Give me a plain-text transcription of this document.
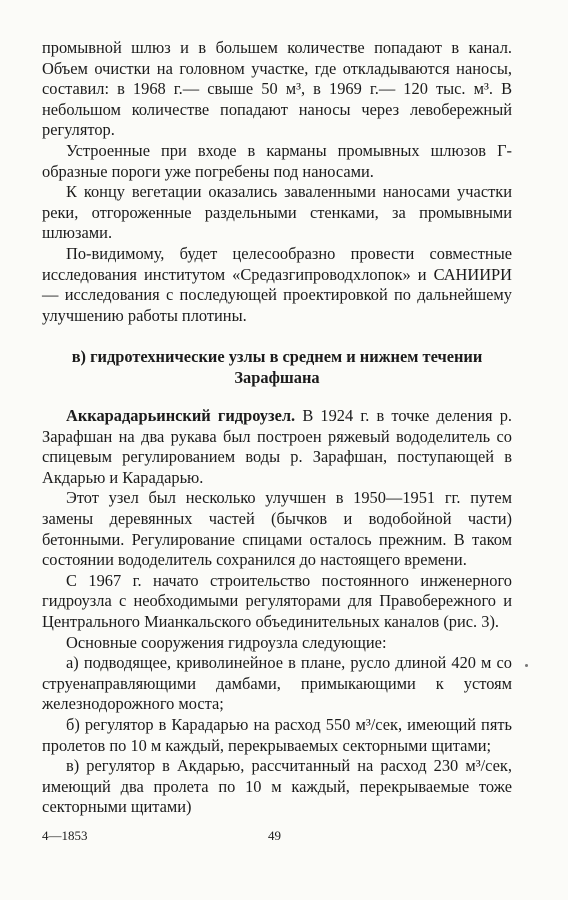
промывной шлюз и в большем количестве попадают в канал. Объем очистки на головном участке, где откладываются наносы, составил: в 1968 г.— свыше 50 м³, в 1969 г.— 120 тыс. м³. В небольшом количестве попадают наносы через левобережный регулятор.

Устроенные при входе в карманы промывных шлюзов Г-образные пороги уже погребены под наносами.

К концу вегетации оказались заваленными наносами участки реки, отгороженные раздельными стенками, за промывными шлюзами.

По-видимому, будет целесообразно провести совместные исследования институтом «Средазгипроводхлопок» и САНИИРИ — исследования с последующей проектировкой по дальнейшему улучшению работы плотины.

в) гидротехнические узлы в среднем и нижнем течении
Зарафшана

Аккарадарьинский гидроузел. В 1924 г. в точке деления р. Зарафшан на два рукава был построен ряжевый вододелитель со спицевым регулированием воды р. Зарафшан, поступающей в Акдарью и Карадарью.

Этот узел был несколько улучшен в 1950—1951 гг. путем замены деревянных частей (бычков и водобойной части) бетонными. Регулирование спицами осталось прежним. В таком состоянии вододелитель сохранился до настоящего времени.

С 1967 г. начато строительство постоянного инженерного гидроузла с необходимыми регуляторами для Правобережного и Центрального Мианкальского объединительных каналов (рис. 3).

Основные сооружения гидроузла следующие:

а) подводящее, криволинейное в плане, русло длиной 420 м со струенаправляющими дамбами, примыкающими к устоям железнодорожного моста;

б) регулятор в Карадарью на расход 550 м³/сек, имеющий пять пролетов по 10 м каждый, перекрываемых секторными щитами;

в) регулятор в Акдарью, рассчитанный на расход 230 м³/сек, имеющий два пролета по 10 м каждый, перекрываемые тоже секторными щитами)

4—1853	49
